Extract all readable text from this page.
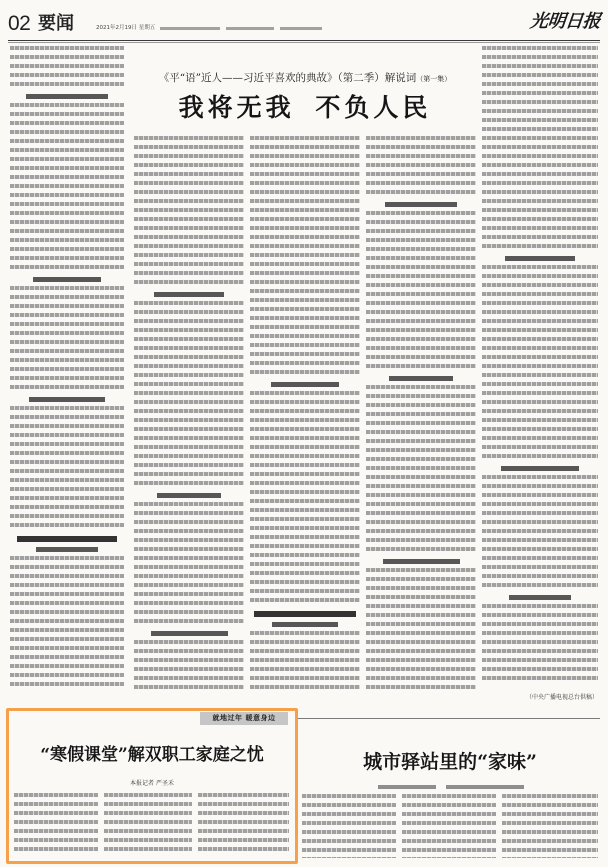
02 要闻	2021年2月19日 星期五	光明日报
《平“语”近人——习近平喜欢的典故》（第二季）解说词（第一集）
我将无我 不负人民
（中央广播电视总台供稿）
就地过年 暖意身边
“寒假课堂”解双职工家庭之忧
本报记者 严圣禾
城市驿站里的“家味”
